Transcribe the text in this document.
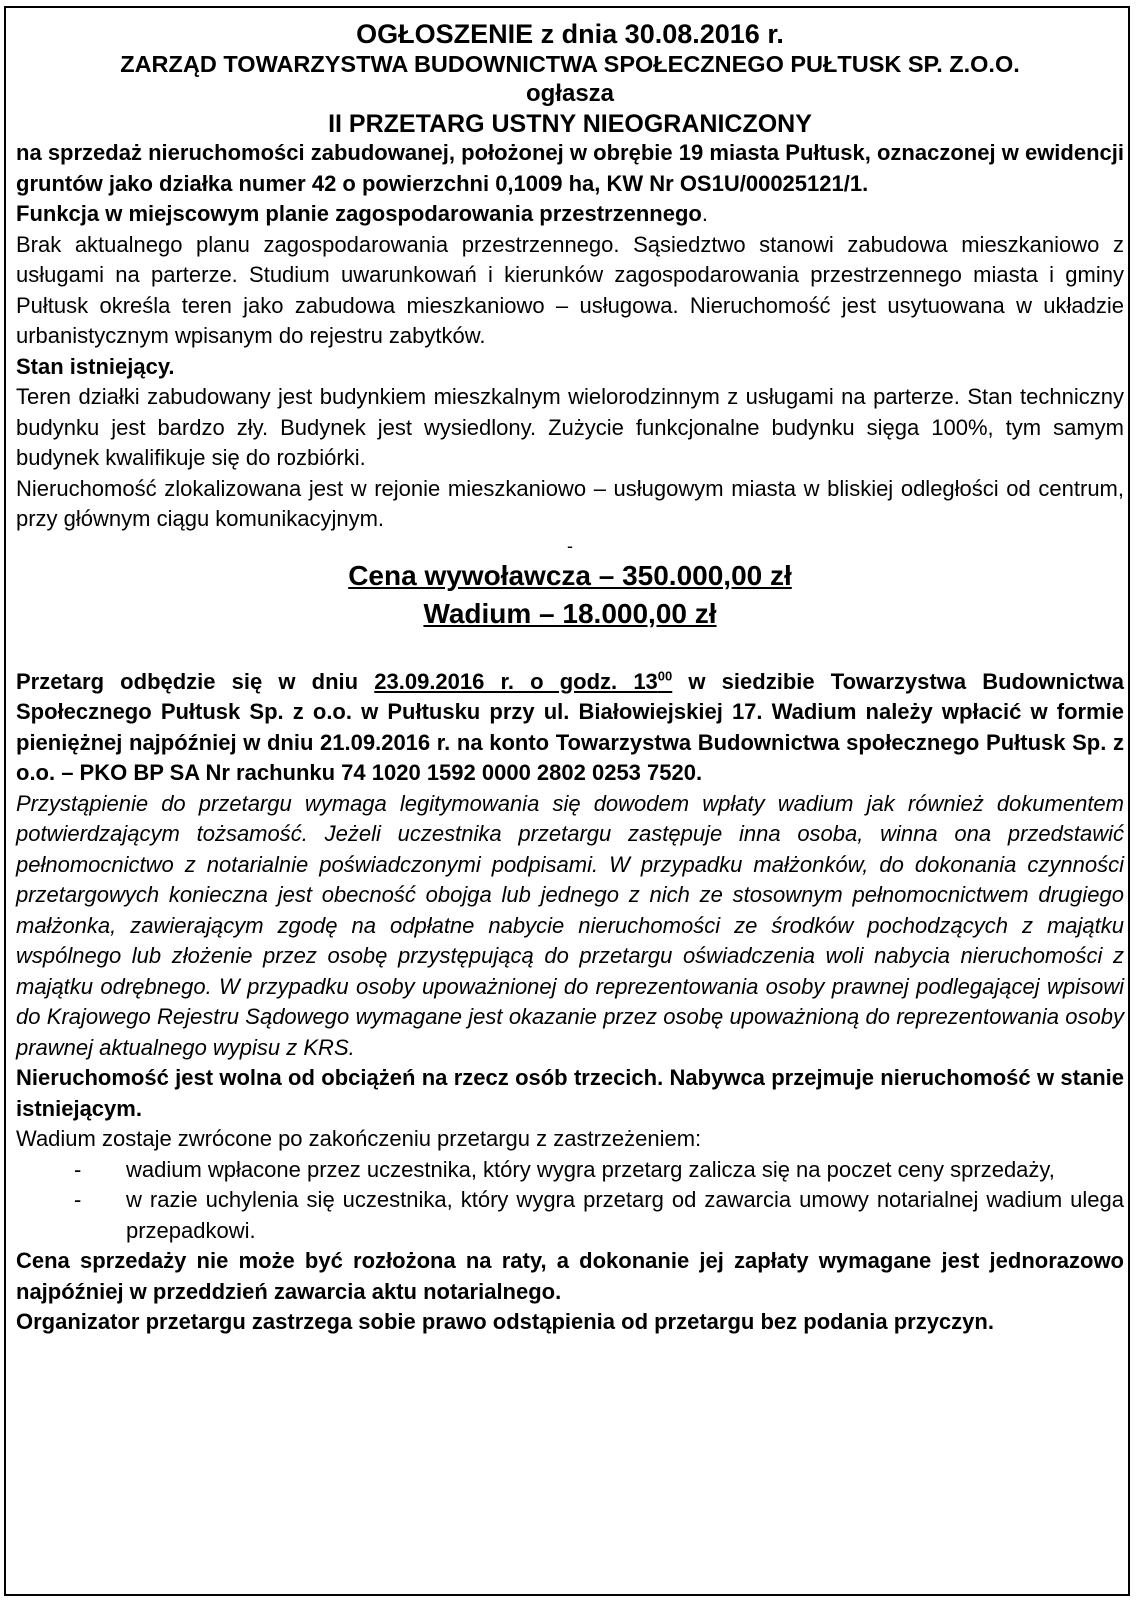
OGŁOSZENIE z dnia 30.08.2016 r.

ZARZĄD TOWARZYSTWA BUDOWNICTWA SPOŁECZNEGO PUŁTUSK SP. Z.O.O.

ogłasza

II PRZETARG USTNY NIEOGRANICZONY

na sprzedaż nieruchomości zabudowanej, położonej w obrębie 19 miasta Pułtusk, oznaczonej w ewidencji gruntów jako działka numer 42 o powierzchni 0,1009 ha, KW Nr OS1U/00025121/1.

Funkcja w miejscowym planie zagospodarowania przestrzennego.

Brak aktualnego planu zagospodarowania przestrzennego. Sąsiedztwo stanowi zabudowa mieszkaniowo z usługami na parterze. Studium uwarunkowań i kierunków zagospodarowania przestrzennego miasta i gminy Pułtusk określa teren jako zabudowa mieszkaniowo – usługowa. Nieruchomość jest usytuowana w układzie urbanistycznym wpisanym do rejestru zabytków.

Stan istniejący.

Teren działki zabudowany jest budynkiem mieszkalnym wielorodzinnym z usługami na parterze. Stan techniczny budynku jest bardzo zły. Budynek jest wysiedlony. Zużycie funkcjonalne budynku sięga 100%, tym samym budynek kwalifikuje się do rozbiórki.

Nieruchomość zlokalizowana jest w rejonie mieszkaniowo – usługowym miasta w bliskiej odległości od centrum, przy głównym ciągu komunikacyjnym.

-
Cena wywoławcza – 350.000,00 zł
Wadium – 18.000,00 zł

Przetarg odbędzie się w dniu 23.09.2016 r. o godz. $13^{00}$ w siedzibie Towarzystwa Budownictwa Społecznego Pułtusk Sp. z o.o. w Pułtusku przy ul. Białowiejskiej 17. Wadium należy wpłacić w formie pieniężnej najpóźniej w dniu 21.09.2016 r. na konto Towarzystwa Budownictwa społecznego Pułtusk Sp. z o.o. – PKO BP SA Nr rachunku 74 1020 1592 0000 2802 0253 7520.

Przystąpienie do przetargu wymaga legitymowania się dowodem wpłaty wadium jak również dokumentem potwierdzającym tożsamość. Jeżeli uczestnika przetargu zastępuje inna osoba, winna ona przedstawić pełnomocnictwo z notarialnie poświadczonymi podpisami. W przypadku małżonków, do dokonania czynności przetargowych konieczna jest obecność obojga lub jednego z nich ze stosownym pełnomocnictwem drugiego małżonka, zawierającym zgodę na odpłatne nabycie nieruchomości ze środków pochodzących z majątku wspólnego lub złożenie przez osobę przystępującą do przetargu oświadczenia woli nabycia nieruchomości z majątku odrębnego. W przypadku osoby upoważnionej do reprezentowania osoby prawnej podlegającej wpisowi do Krajowego Rejestru Sądowego wymagane jest okazanie przez osobę upoważnioną do reprezentowania osoby prawnej aktualnego wypisu z KRS.

Nieruchomość jest wolna od obciążeń na rzecz osób trzecich. Nabywca przejmuje nieruchomość w stanie istniejącym.

Wadium zostaje zwrócone po zakończeniu przetargu z zastrzeżeniem:

- wadium wpłacone przez uczestnika, który wygra przetarg zalicza się na poczet ceny sprzedaży,
- w razie uchylenia się uczestnika, który wygra przetarg od zawarcia umowy notarialnej wadium ulega przepadkowi.

Cena sprzedaży nie może być rozłożona na raty, a dokonanie jej zapłaty wymagane jest jednorazowo najpóźniej w przeddzień zawarcia aktu notarialnego.

Organizator przetargu zastrzega sobie prawo odstąpienia od przetargu bez podania przyczyn.
